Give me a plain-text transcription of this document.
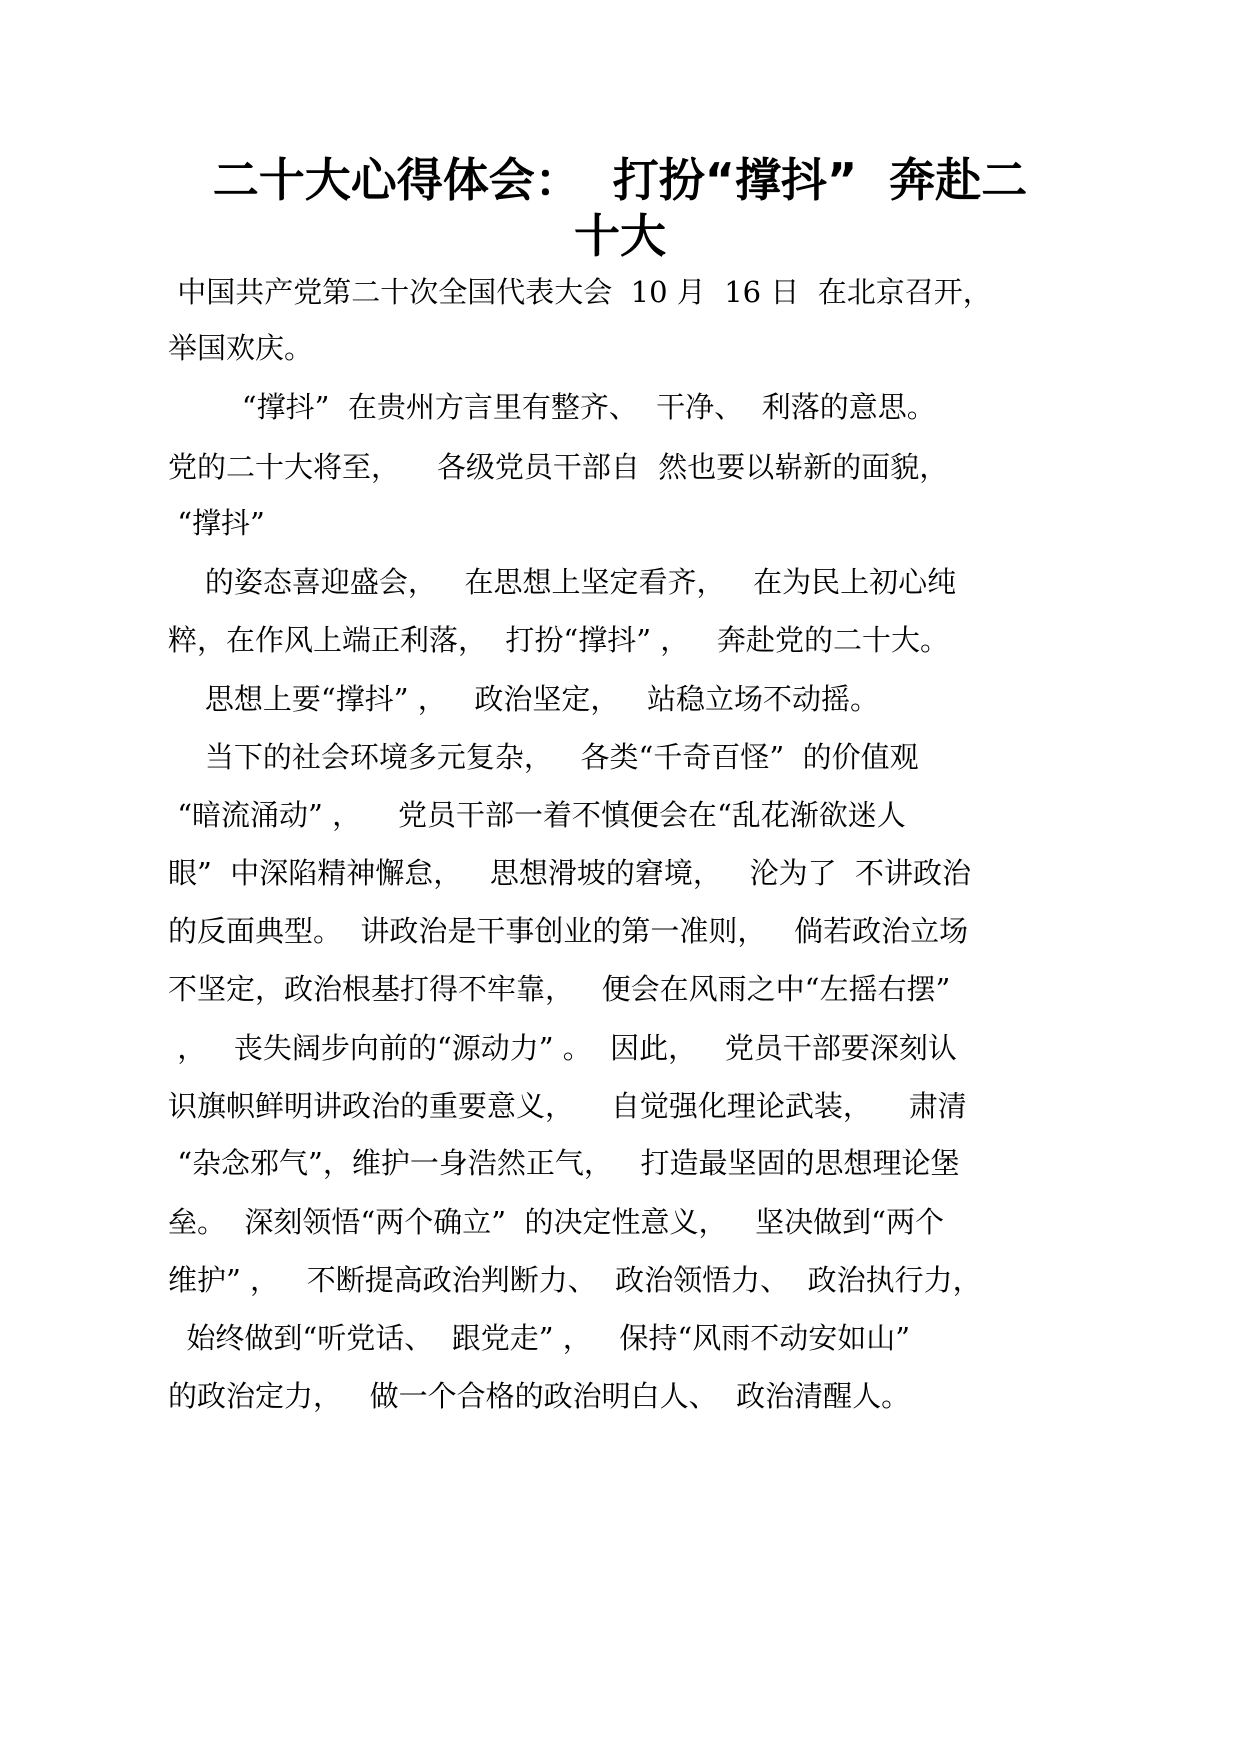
二十大心得体会：  打扮“撑抖”  奔赴二
十大
中国共产党第二十次全国代表大会  10 月  16 日  在北京召开，
举国欢庆。
“撑抖”  在贵州方言里有整齐、  干净、  利落的意思。
党的二十大将至，    各级党员干部自  然也要以崭新的面貌，
“撑抖”
的姿态喜迎盛会，   在思想上坚定看齐，   在为民上初心纯
粹，在作风上端正利落，  打扮“撑抖” ，   奔赴党的二十大。
思想上要“撑抖” ，   政治坚定，   站稳立场不动摇。
当下的社会环境多元复杂，   各类“千奇百怪”  的价值观
“暗流涌动” ，    党员干部一着不慎便会在“乱花渐欲迷人
眼”  中深陷精神懈怠，   思想滑坡的窘境，   沦为了  不讲政治
的反面典型。  讲政治是干事创业的第一准则，   倘若政治立场
不坚定，政治根基打得不牢靠，   便会在风雨之中“左摇右摆”
，   丧失阔步向前的“源动力” 。  因此，   党员干部要深刻认
识旗帜鲜明讲政治的重要意义，    自觉强化理论武装，    肃清
“杂念邪气”，维护一身浩然正气，   打造最坚固的思想理论堡
垒。  深刻领悟“两个确立”  的决定性意义，   坚决做到“两个
维护” ，   不断提高政治判断力、  政治领悟力、  政治执行力，
始终做到“听党话、  跟党走” ，   保持“风雨不动安如山”
的政治定力，   做一个合格的政治明白人、  政治清醒人。
